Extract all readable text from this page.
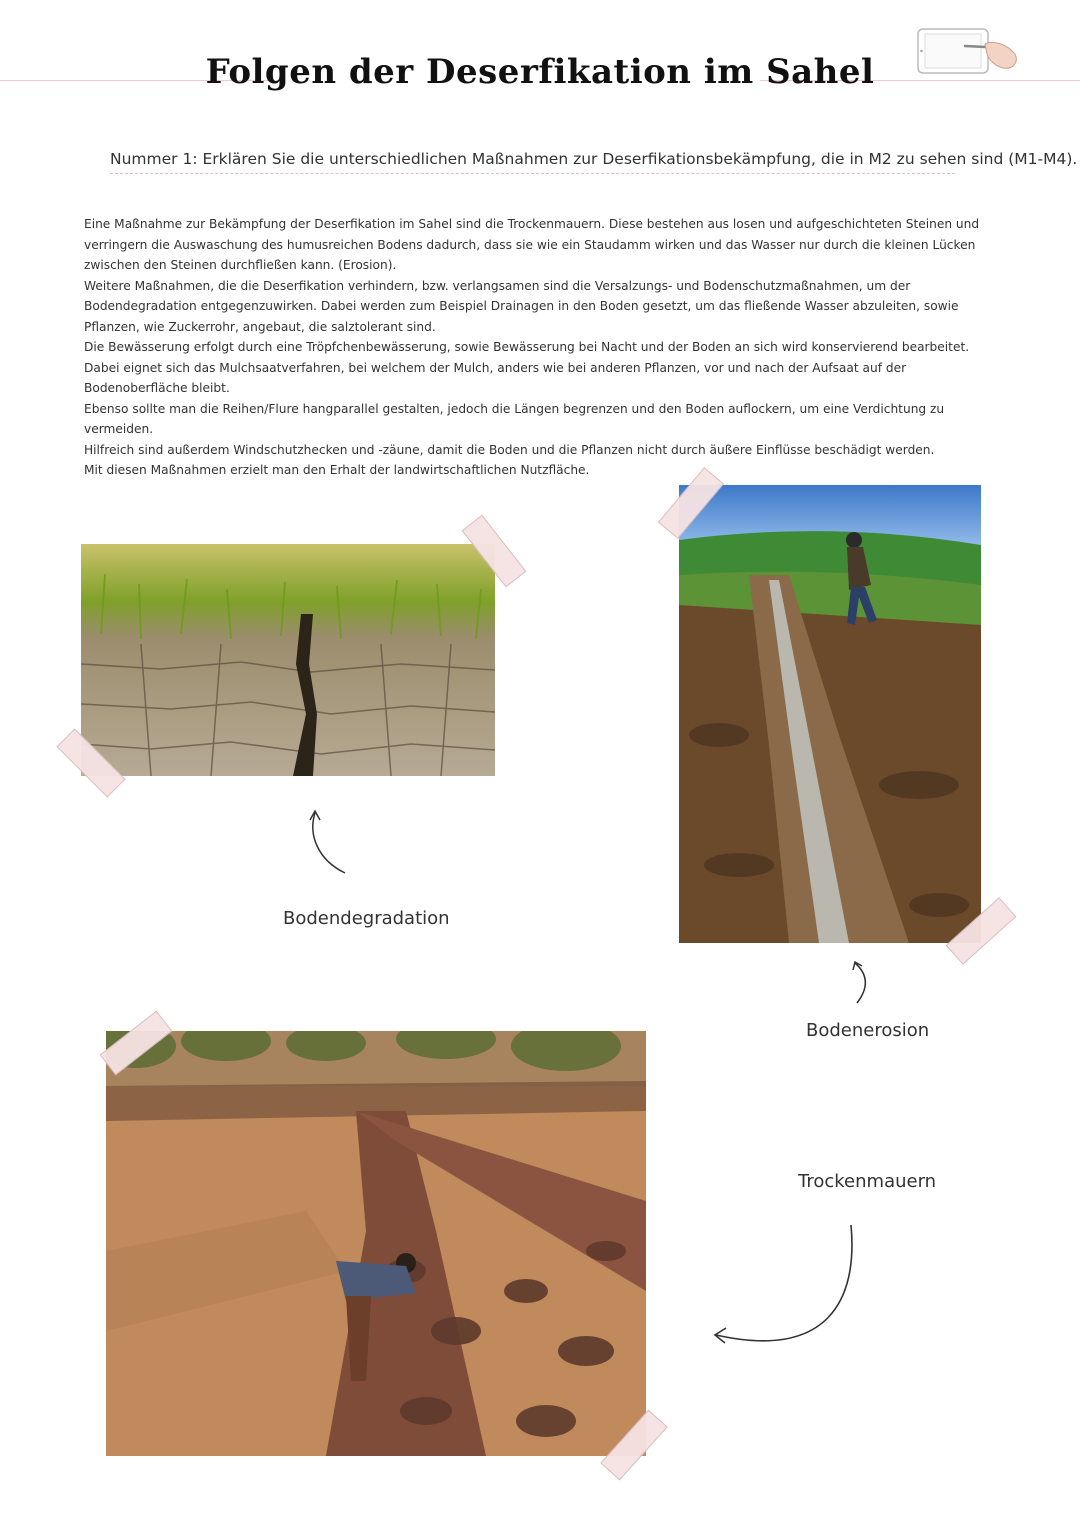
Folgen der Deserfikation im Sahel
Nummer 1: Erklären Sie die unterschiedlichen Maßnahmen zur Deserfikationsbekämpfung, die in M2 zu sehen sind (M1-M4).

Eine Maßnahme zur Bekämpfung der Deserfikation im Sahel sind die Trockenmauern. Diese bestehen aus losen und aufgeschichteten Steinen und verringern die Auswaschung des humusreichen Bodens dadurch, dass sie wie ein Staudamm wirken und das Wasser nur durch die kleinen Lücken zwischen den Steinen durchfließen kann. (Erosion).

Weitere Maßnahmen, die die Deserfikation verhindern, bzw. verlangsamen sind die Versalzungs- und Bodenschutzmaßnahmen, um der Bodendegradation entgegenzuwirken. Dabei werden zum Beispiel Drainagen in den Boden gesetzt, um das fließende Wasser abzuleiten, sowie Pflanzen, wie Zuckerrohr, angebaut, die salztolerant sind.

Die Bewässerung erfolgt durch eine Tröpfchenbewässerung, sowie Bewässerung bei Nacht und der Boden an sich wird konservierend bearbeitet. Dabei eignet sich das Mulchsaatverfahren, bei welchem der Mulch, anders wie bei anderen Pflanzen, vor und nach der Aufsaat auf der Bodenoberfläche bleibt.

Ebenso sollte man die Reihen/Flure hangparallel gestalten, jedoch die Längen begrenzen und den Boden auflockern, um eine Verdichtung zu vermeiden.

Hilfreich sind außerdem Windschutzhecken und -zäune, damit die Boden und die Pflanzen nicht durch äußere Einflüsse beschädigt werden.

Mit diesen Maßnahmen erzielt man den Erhalt der landwirtschaftlichen Nutzfläche.

Bodendegradation
Bodenerosion
Trockenmauern
